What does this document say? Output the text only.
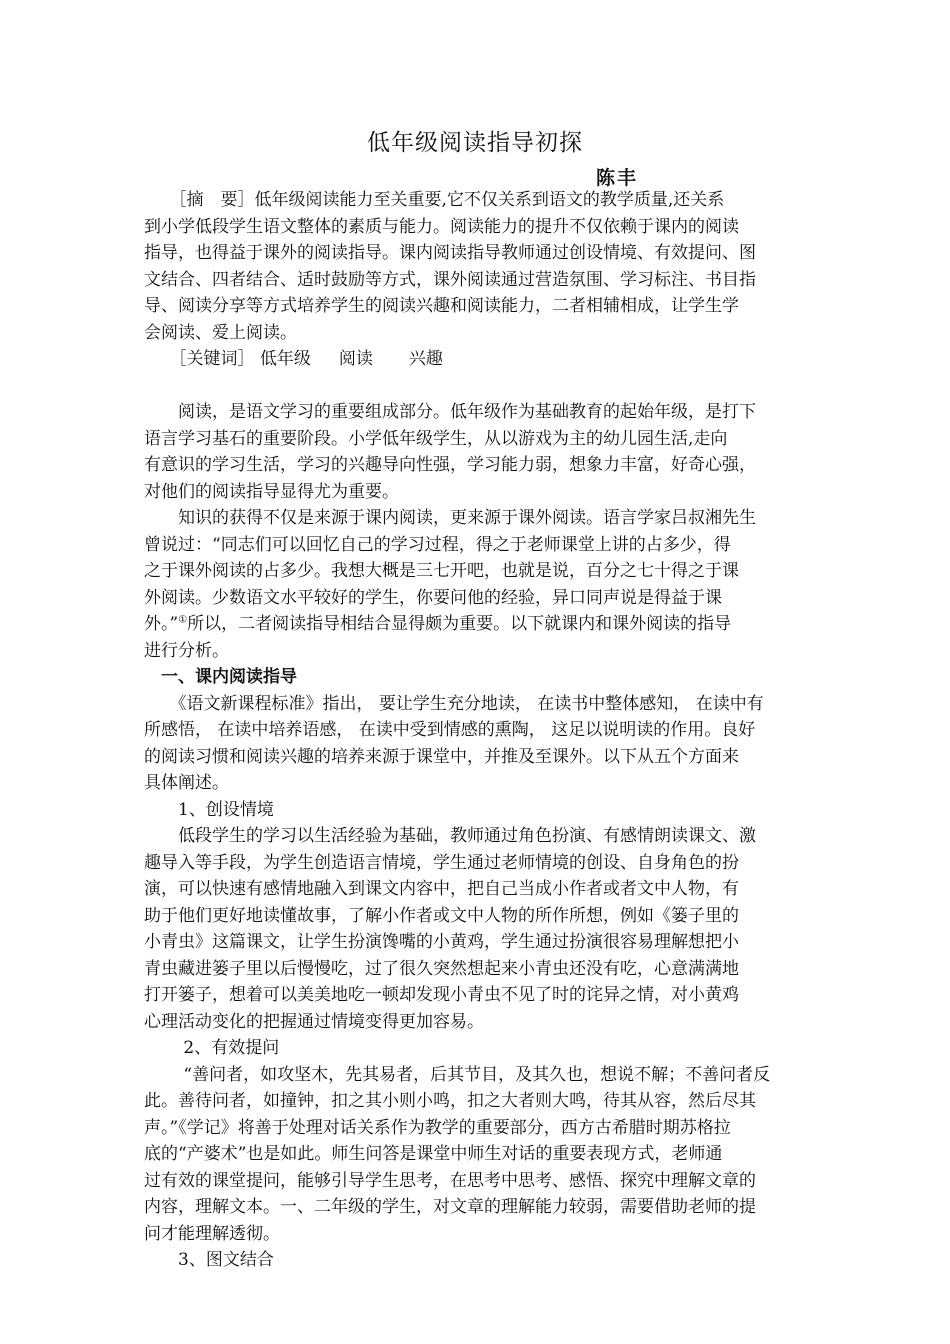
低年级阅读指导初探
陈丰

　　［摘　要］低年级阅读能力至关重要,它不仅关系到语文的教学质量,还关系

到小学低段学生语文整体的素质与能力。阅读能力的提升不仅依赖于课内的阅读

指导，也得益于课外的阅读指导。课内阅读指导教师通过创设情境、有效提问、图

文结合、四者结合、适时鼓励等方式，课外阅读通过营造氛围、学习标注、书目指

导、阅读分享等方式培养学生的阅读兴趣和阅读能力，二者相辅相成，让学生学

会阅读、爱上阅读。

　　［关键词］ 低年级 阅读 兴趣

　　阅读，是语文学习的重要组成部分。低年级作为基础教育的起始年级，是打下

语言学习基石的重要阶段。小学低年级学生，从以游戏为主的幼儿园生活,走向

有意识的学习生活，学习的兴趣导向性强，学习能力弱，想象力丰富，好奇心强，

对他们的阅读指导显得尤为重要。

　　知识的获得不仅是来源于课内阅读，更来源于课外阅读。语言学家吕叔湘先生

曾说过：“同志们可以回忆自己的学习过程，得之于老师课堂上讲的占多少，得

之于课外阅读的占多少。我想大概是三七开吧，也就是说，百分之七十得之于课

外阅读。少数语文水平较好的学生，你要问他的经验，异口同声说是得益于课

外。”①所以，二者阅读指导相结合显得颇为重要。以下就课内和课外阅读的指导

进行分析。

　一、课内阅读指导

　　《语文新课程标准》指出， 要让学生充分地读， 在读书中整体感知， 在读中有

所感悟， 在读中培养语感， 在读中受到情感的熏陶， 这足以说明读的作用。良好

的阅读习惯和阅读兴趣的培养来源于课堂中，并推及至课外。以下从五个方面来

具体阐述。

　　1、创设情境

　　低段学生的学习以生活经验为基础，教师通过角色扮演、有感情朗读课文、激

趣导入等手段，为学生创造语言情境，学生通过老师情境的创设、自身角色的扮

演，可以快速有感情地融入到课文内容中，把自己当成小作者或者文中人物，有

助于他们更好地读懂故事，了解小作者或文中人物的所作所想，例如《篓子里的

小青虫》这篇课文，让学生扮演馋嘴的小黄鸡，学生通过扮演很容易理解想把小

青虫藏进篓子里以后慢慢吃，过了很久突然想起来小青虫还没有吃，心意满满地

打开篓子，想着可以美美地吃一顿却发现小青虫不见了时的诧异之情，对小黄鸡

心理活动变化的把握通过情境变得更加容易。

　　 2、有效提问

　　 “善问者，如攻坚木，先其易者，后其节目，及其久也，想说不解；不善问者反

此。善待问者，如撞钟，扣之其小则小鸣，扣之大者则大鸣，待其从容，然后尽其

声。”《学记》将善于处理对话关系作为教学的重要部分，西方古希腊时期苏格拉

底的“产婆术”也是如此。师生问答是课堂中师生对话的重要表现方式，老师通

过有效的课堂提问，能够引导学生思考，在思考中思考、感悟、探究中理解文章的

内容，理解文本。一、二年级的学生，对文章的理解能力较弱，需要借助老师的提

问才能理解透彻。

　　3、图文结合
